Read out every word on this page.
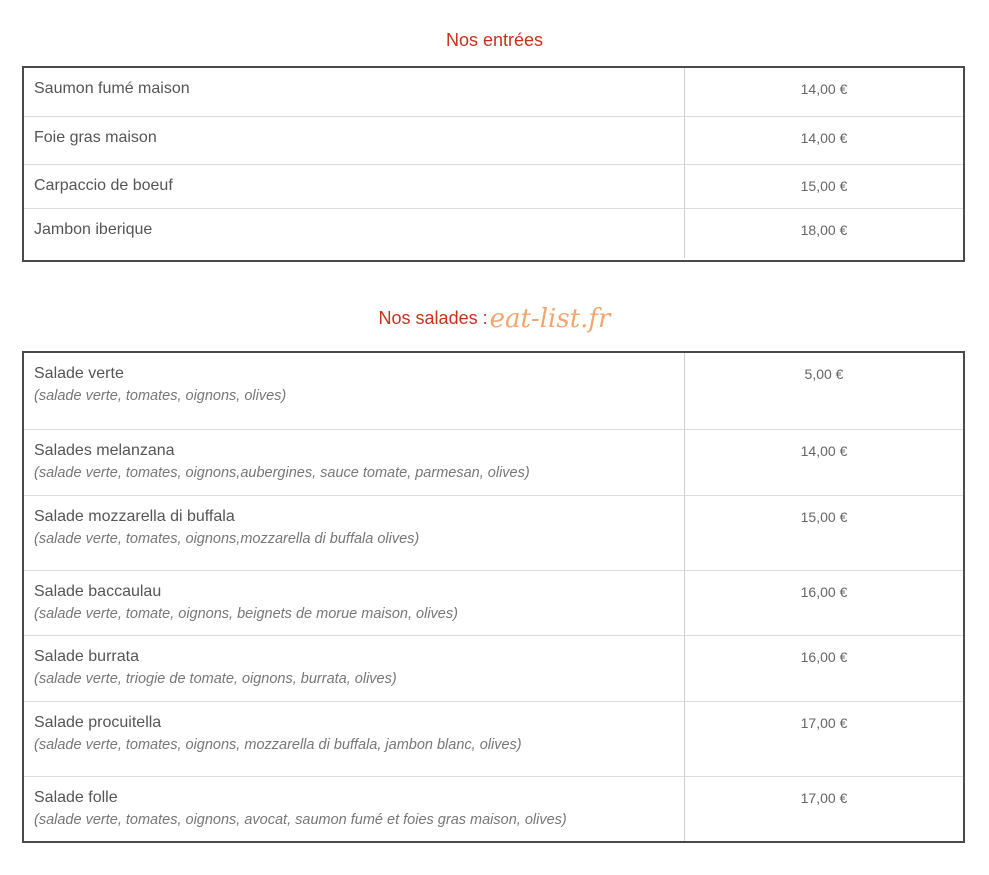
Nos entrées
Saumon fumé maison	14,00 €
Foie gras maison	14,00 €
Carpaccio de boeuf	15,00 €
Jambon iberique	18,00 €
Nos salades :eat-list.fr
Salade verte
(salade verte, tomates, oignons, olives)
5,00 €
Salades melanzana
(salade verte, tomates, oignons,aubergines, sauce tomate, parmesan, olives)
14,00 €
Salade mozzarella di buffala
(salade verte, tomates, oignons,mozzarella di buffala olives)
15,00 €
Salade baccaulau
(salade verte, tomate, oignons, beignets de morue maison, olives)
16,00 €
Salade burrata
(salade verte, triogie de tomate, oignons, burrata, olives)
16,00 €
Salade procuitella
(salade verte, tomates, oignons, mozzarella di buffala, jambon blanc, olives)
17,00 €
Salade folle
(salade verte, tomates, oignons, avocat, saumon fumé et foies gras maison, olives)
17,00 €
